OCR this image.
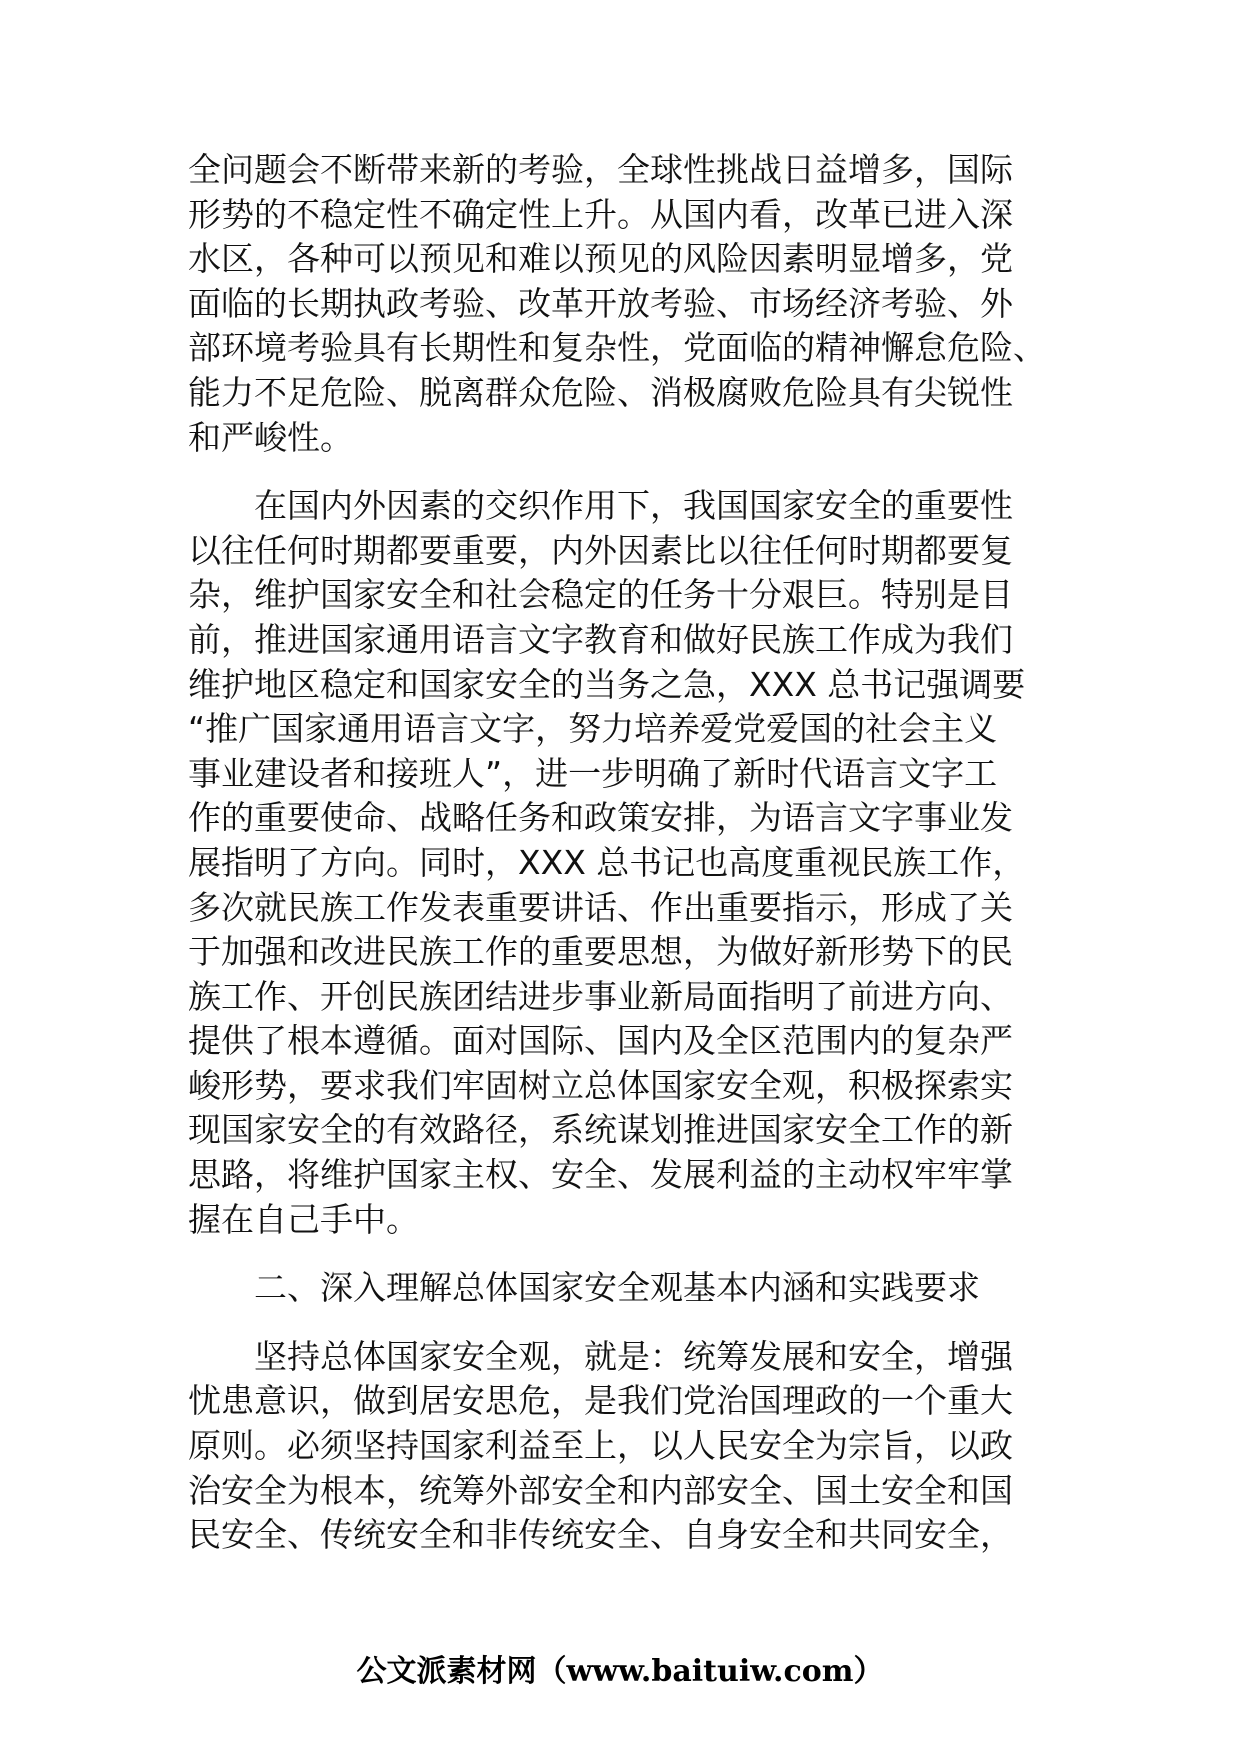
全问题会不断带来新的考验，全球性挑战日益增多，国际
形势的不稳定性不确定性上升。从国内看，改革已进入深
水区，各种可以预见和难以预见的风险因素明显增多，党
面临的长期执政考验、改革开放考验、市场经济考验、外
部环境考验具有长期性和复杂性，党面临的精神懈怠危险、
能力不足危险、脱离群众危险、消极腐败危险具有尖锐性
和严峻性。
在国内外因素的交织作用下，我国国家安全的重要性
以往任何时期都要重要，内外因素比以往任何时期都要复
杂，维护国家安全和社会稳定的任务十分艰巨。特别是目
前，推进国家通用语言文字教育和做好民族工作成为我们
维护地区稳定和国家安全的当务之急，XXX 总书记强调要
“推广国家通用语言文字，努力培养爱党爱国的社会主义
事业建设者和接班人”，进一步明确了新时代语言文字工
作的重要使命、战略任务和政策安排，为语言文字事业发
展指明了方向。同时，XXX 总书记也高度重视民族工作，
多次就民族工作发表重要讲话、作出重要指示，形成了关
于加强和改进民族工作的重要思想，为做好新形势下的民
族工作、开创民族团结进步事业新局面指明了前进方向、
提供了根本遵循。面对国际、国内及全区范围内的复杂严
峻形势，要求我们牢固树立总体国家安全观，积极探索实
现国家安全的有效路径，系统谋划推进国家安全工作的新
思路，将维护国家主权、安全、发展利益的主动权牢牢掌
握在自己手中。
二、深入理解总体国家安全观基本内涵和实践要求
坚持总体国家安全观，就是：统筹发展和安全，增强
忧患意识，做到居安思危，是我们党治国理政的一个重大
原则。必须坚持国家利益至上，以人民安全为宗旨，以政
治安全为根本，统筹外部安全和内部安全、国土安全和国
民安全、传统安全和非传统安全、自身安全和共同安全，
公文派素材网（www.baituiw.com）
